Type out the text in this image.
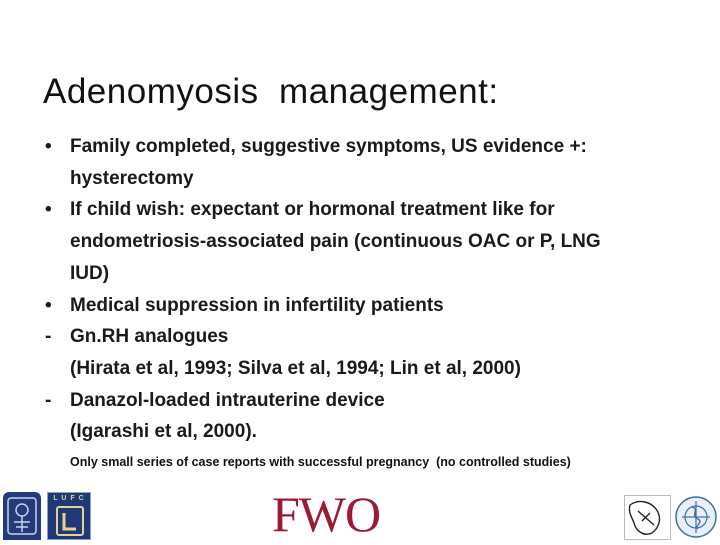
Adenomyosis  management:
• Family completed, suggestive symptoms, US evidence +:
hysterectomy
• If child wish: expectant or hormonal treatment like for
endometriosis-associated pain (continuous OAC or P, LNG
IUD)
• Medical suppression in infertility patients
- Gn.RH analogues
(Hirata et al, 1993; Silva et al, 1994; Lin et al, 2000)
- Danazol-loaded intrauterine device
(Igarashi et al, 2000).
Only small series of case reports with successful pregnancy  (no controlled studies)
L U F C	FWO
